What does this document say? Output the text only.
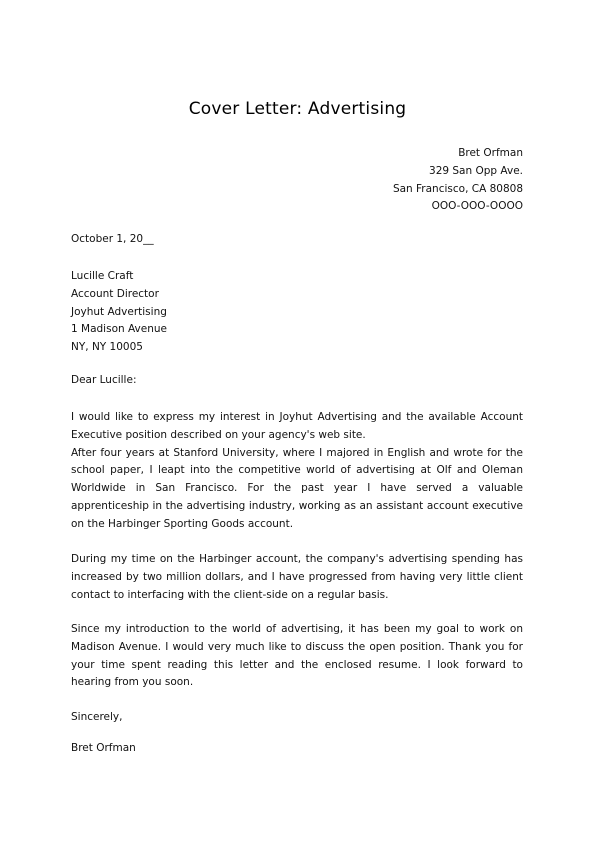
Cover Letter: Advertising
Bret Orfman
329 San Opp Ave.
San Francisco, CA 80808
OOO-OOO-OOOO
October 1, 20__
Lucille Craft
Account Director
Joyhut Advertising
1 Madison Avenue
NY, NY 10005
Dear Lucille:

I would like to express my interest in Joyhut Advertising and the available Account Executive position described on your agency's web site.

After four years at Stanford University, where I majored in English and wrote for the school paper, I leapt into the competitive world of advertising at Olf and Oleman Worldwide in San Francisco. For the past year I have served a valuable apprenticeship in the advertising industry, working as an assistant account executive on the Harbinger Sporting Goods account.

During my time on the Harbinger account, the company's advertising spending has increased by two million dollars, and I have progressed from having very little client contact to interfacing with the client-side on a regular basis.

Since my introduction to the world of advertising, it has been my goal to work on Madison Avenue. I would very much like to discuss the open position. Thank you for your time spent reading this letter and the enclosed resume. I look forward to hearing from you soon.

Sincerely,
Bret Orfman
